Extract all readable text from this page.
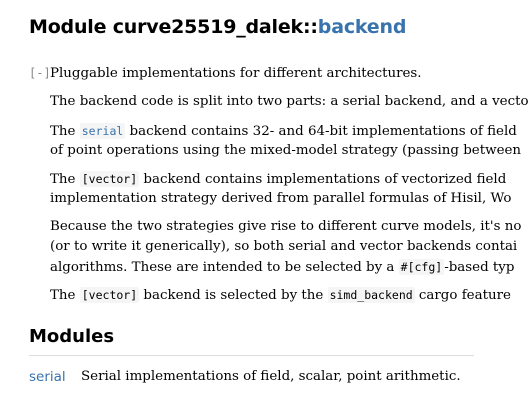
Module curve25519_dalek::backend
[-] Pluggable implementations for different architectures.
The backend code is split into two parts: a serial backend, and a vecto
The serial backend contains 32- and 64-bit implementations of field
of point operations using the mixed-model strategy (passing between
The [vector] backend contains implementations of vectorized field
implementation strategy derived from parallel formulas of Hisil, Wo
Because the two strategies give rise to different curve models, it's no
(or to write it generically), so both serial and vector backends contai
algorithms. These are intended to be selected by a #[cfg] -based typ
The [vector] backend is selected by the simd_backend cargo feature
Modules
serial Serial implementations of field, scalar, point arithmetic.
